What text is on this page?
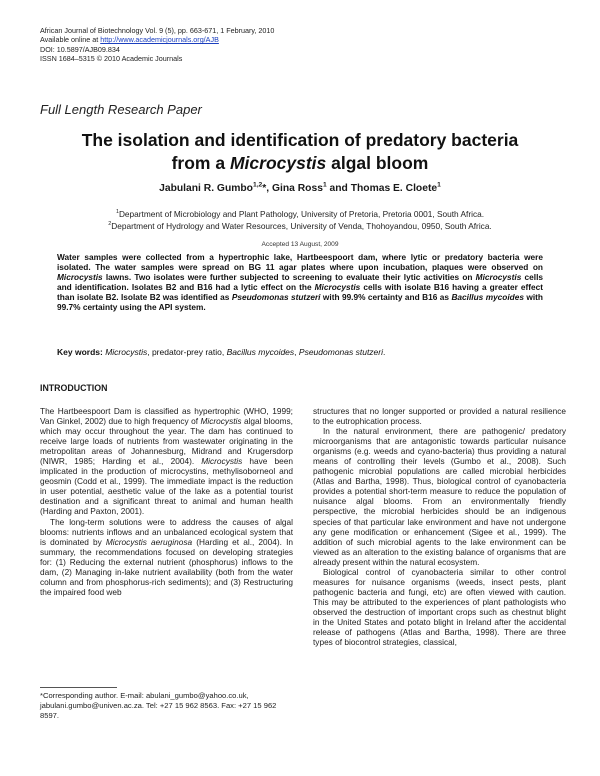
African Journal of Biotechnology Vol. 9 (5), pp. 663-671, 1 February, 2010
Available online at http://www.academicjournals.org/AJB
DOI: 10.5897/AJB09.834
ISSN 1684–5315 © 2010 Academic Journals
Full Length Research Paper
The isolation and identification of predatory bacteria
from a Microcystis algal bloom
Jabulani R. Gumbo$^{1,2}$*, Gina Ross$^1$ and Thomas E. Cloete$^1$
$^1$Department of Microbiology and Plant Pathology, University of Pretoria, Pretoria 0001, South Africa.
$^2$Department of Hydrology and Water Resources, University of Venda, Thohoyandou, 0950, South Africa.
Accepted 13 August, 2009
Water samples were collected from a hypertrophic lake, Hartbeespoort dam, where lytic or predatory bacteria were isolated. The water samples were spread on BG 11 agar plates where upon incubation, plaques were observed on Microcystis lawns. Two isolates were further subjected to screening to evaluate their lytic activities on Microcystis cells and identification. Isolates B2 and B16 had a lytic effect on the Microcystis cells with isolate B16 having a greater effect than isolate B2. Isolate B2 was identified as Pseudomonas stutzeri with 99.9% certainty and B16 as Bacillus mycoides with 99.7% certainty using the API system.
Key words: Microcystis, predator-prey ratio, Bacillus mycoides, Pseudomonas stutzeri.
INTRODUCTION

The Hartbeespoort Dam is classified as hypertrophic (WHO, 1999; Van Ginkel, 2002) due to high frequency of Microcystis algal blooms, which may occur throughout the year. The dam has continued to receive large loads of nutrients from wastewater originating in the metropolitan areas of Johannesburg, Midrand and Krugersdorp (NIWR, 1985; Harding et al., 2004). Microcystis have been implicated in the production of microcystins, methylisoborneol and geosmin (Codd et al., 1999). The immediate impact is the reduction in user potential, aesthetic value of the lake as a potential tourist destination and a significant threat to animal and human health (Harding and Paxton, 2001).

The long-term solutions were to address the causes of algal blooms: nutrients inflows and an unbalanced ecological system that is dominated by Microcystis aeruginosa (Harding et al., 2004). In summary, the recommendations focused on developing strategies for: (1) Reducing the external nutrient (phosphorus) inflows to the dam, (2) Managing in-lake nutrient availability (both from the water column and from phosphorus-rich sediments); and (3) Restructuring the impaired food web

structures that no longer supported or provided a natural resilience to the eutrophication process.

In the natural environment, there are pathogenic/ predatory microorganisms that are antagonistic towards particular nuisance organisms (e.g. weeds and cyano-bacteria) thus providing a natural means of controlling their levels (Gumbo et al., 2008). Such pathogenic microbial populations are called microbial herbicides (Atlas and Bartha, 1998). Thus, biological control of cyanobacteria provides a potential short-term measure to reduce the population of nuisance algal blooms. From an environmentally friendly perspective, the microbial herbicides should be an indigenous species of that particular lake environment and have not undergone any gene modification or enhancement (Sigee et al., 1999). The addition of such microbial agents to the lake environment can be viewed as an alteration to the existing balance of organisms that are already present within the natural ecosystem.

Biological control of cyanobacteria similar to other control measures for nuisance organisms (weeds, insect pests, plant pathogenic bacteria and fungi, etc) are often viewed with caution. This may be attributed to the experiences of plant pathologists who observed the destruction of important crops such as chestnut blight in the United States and potato blight in Ireland after the accidental release of pathogens (Atlas and Bartha, 1998). There are three types of biocontrol strategies, classical,

*Corresponding author. E-mail: abulani_gumbo@yahoo.co.uk, jabulani.gumbo@univen.ac.za. Tel: +27 15 962 8563. Fax: +27 15 962 8597.
